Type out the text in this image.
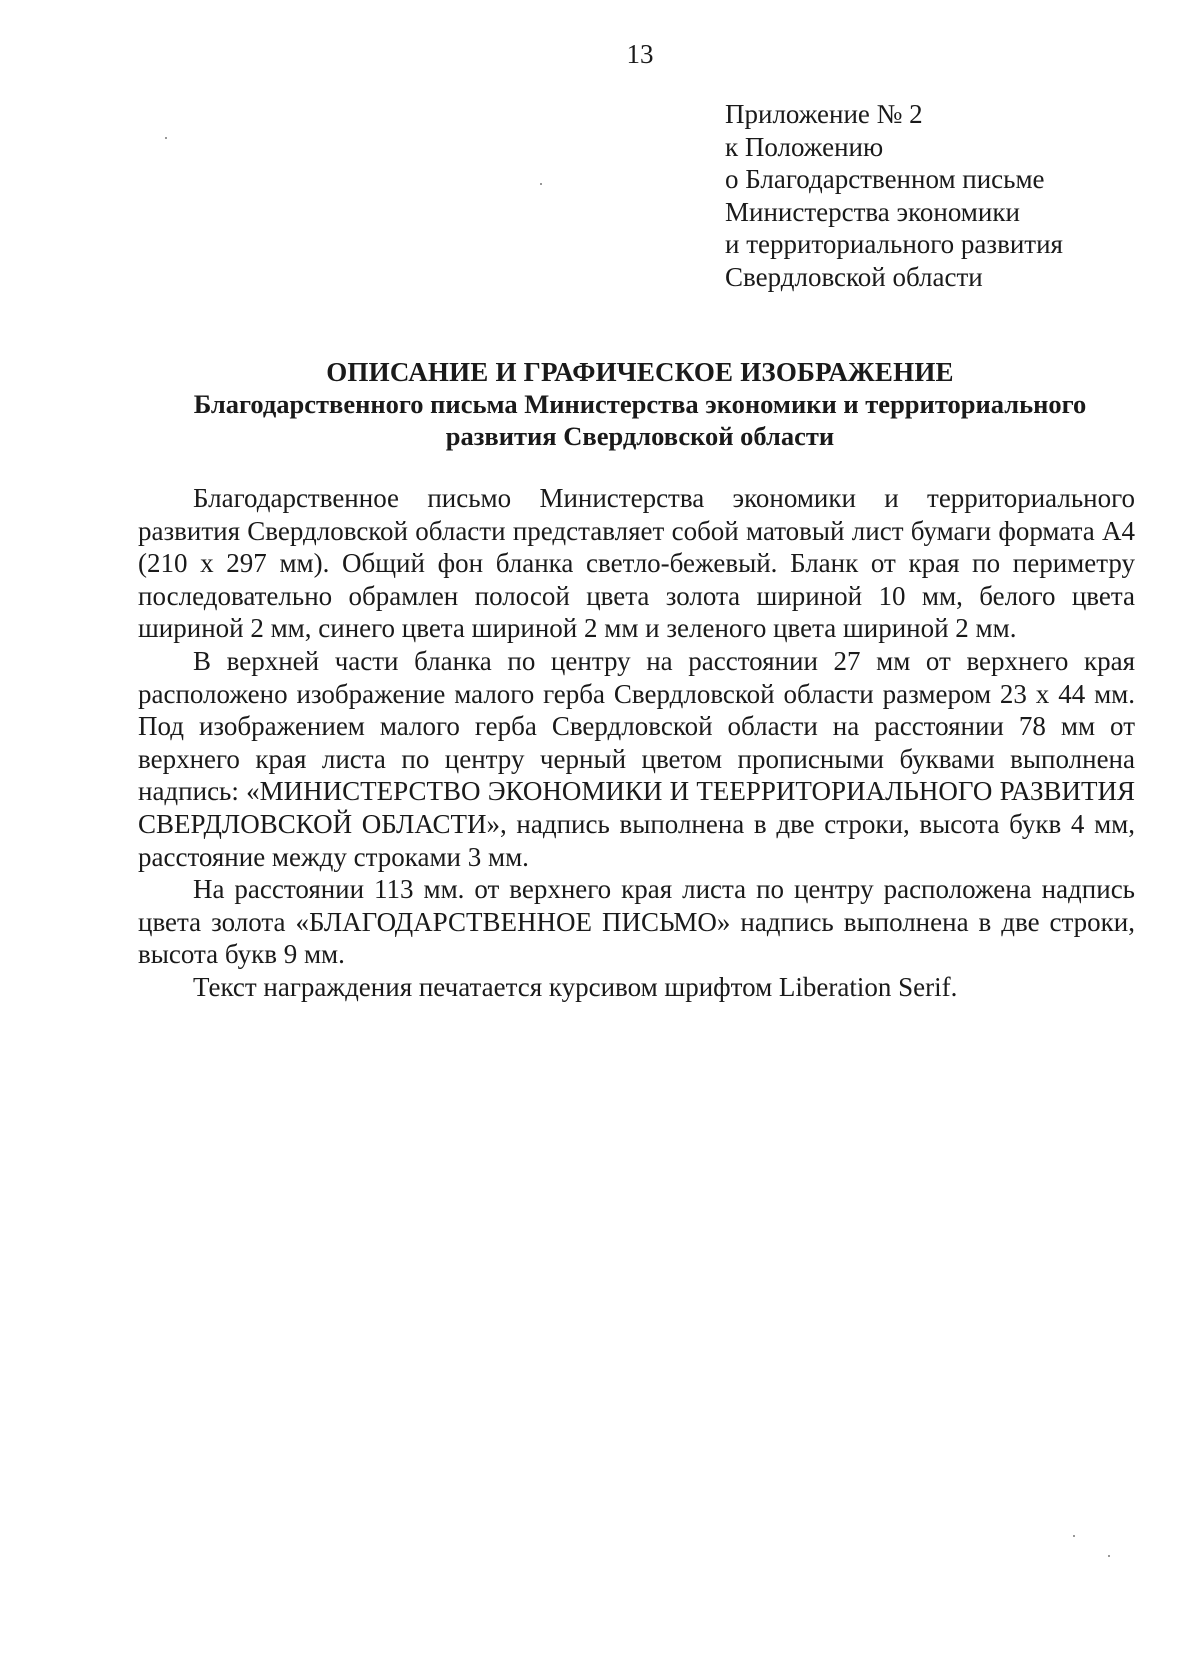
13
Приложение № 2
к Положению
о Благодарственном письме
Министерства экономики
и территориального развития
Свердловской области
ОПИСАНИЕ И ГРАФИЧЕСКОЕ ИЗОБРАЖЕНИЕ
Благодарственного письма Министерства экономики и территориального
развития Свердловской области

Благодарственное письмо Министерства экономики и территориального развития Свердловской области представляет собой матовый лист бумаги формата А4 (210 х 297 мм). Общий фон бланка светло-бежевый. Бланк от края по периметру последовательно обрамлен полосой цвета золота шириной 10 мм, белого цвета шириной 2 мм, синего цвета шириной 2 мм и зеленого цвета шириной 2 мм.

В верхней части бланка по центру на расстоянии 27 мм от верхнего края расположено изображение малого герба Свердловской области размером 23 х 44 мм. Под изображением малого герба Свердловской области на расстоянии 78 мм от верхнего края листа по центру черный цветом прописными буквами выполнена надпись: «МИНИСТЕРСТВО ЭКОНОМИКИ И ТЕЕРРИТОРИАЛЬНОГО РАЗВИТИЯ СВЕРДЛОВСКОЙ ОБЛАСТИ», надпись выполнена в две строки, высота букв 4 мм, расстояние между строками 3 мм.

На расстоянии 113 мм. от верхнего края листа по центру расположена надпись цвета золота «БЛАГОДАРСТВЕННОЕ ПИСЬМО» надпись выполнена в две строки, высота букв 9 мм.

Текст награждения печатается курсивом шрифтом Liberation Serif.
